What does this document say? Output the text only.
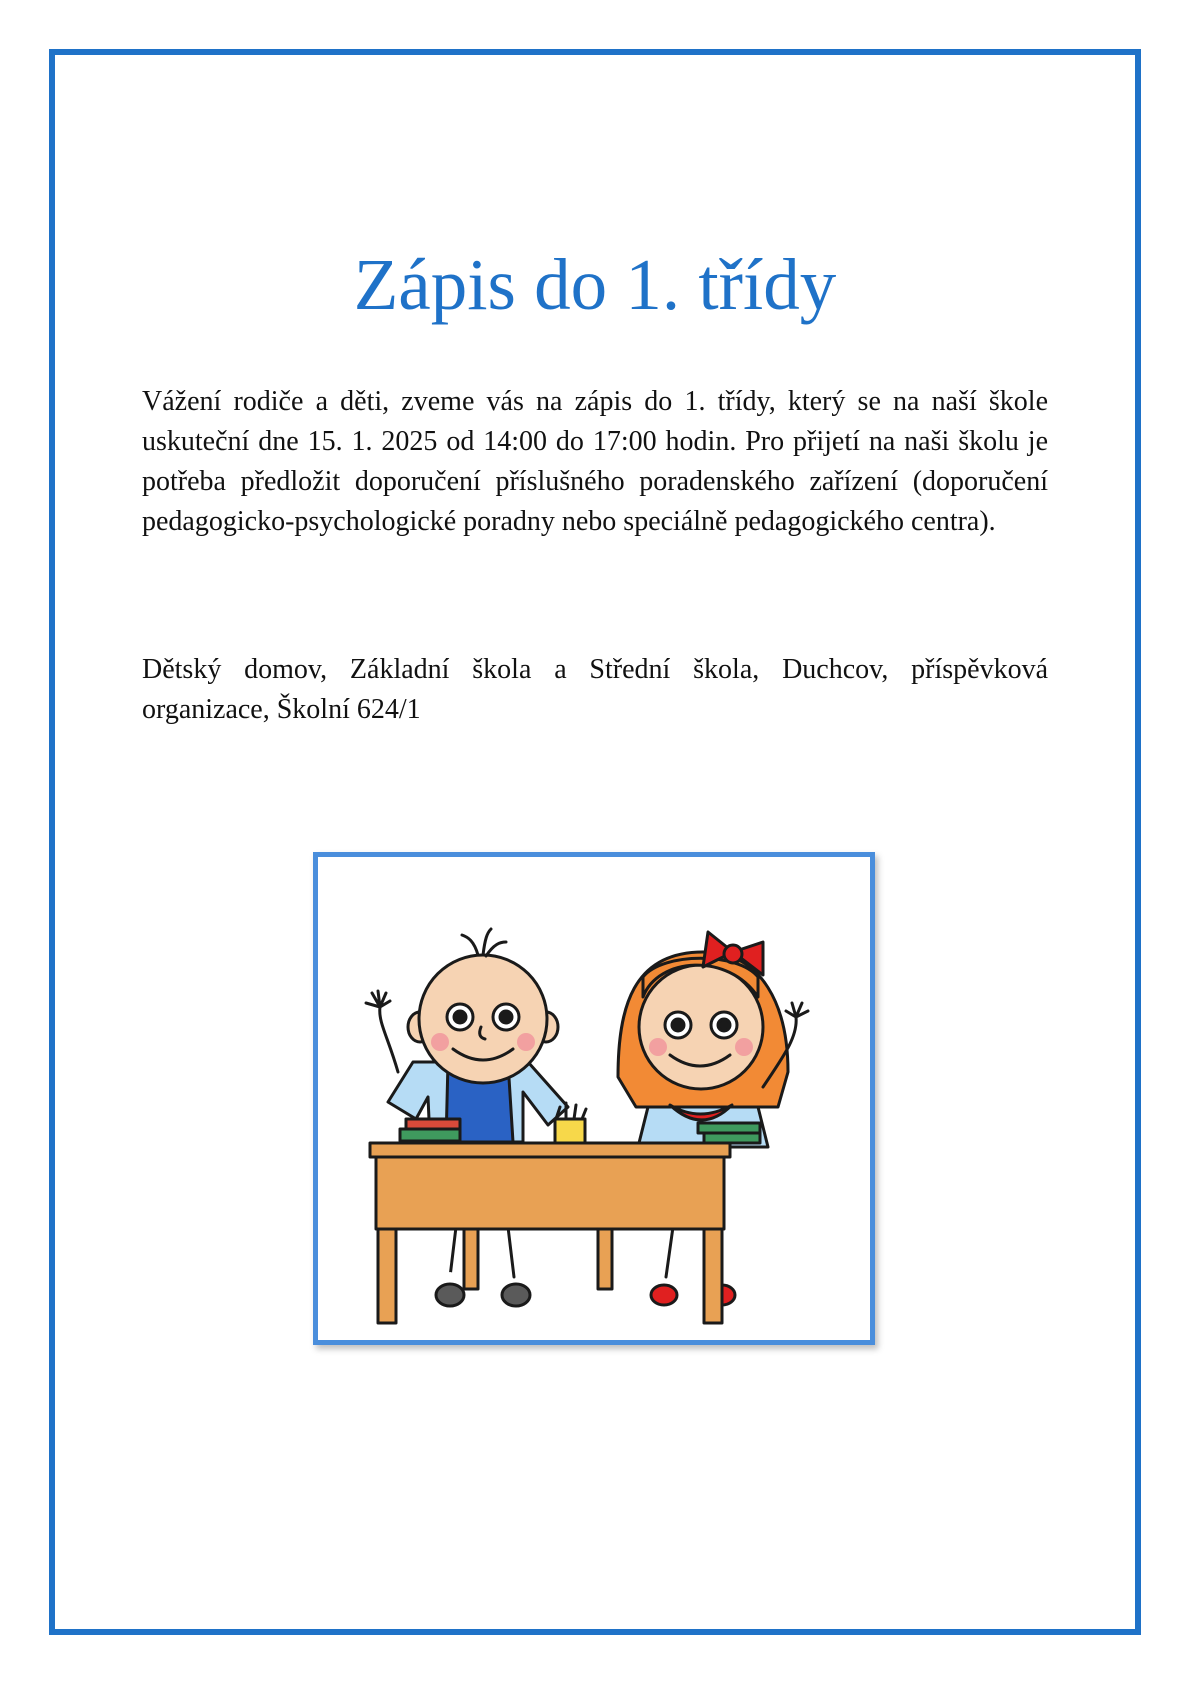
Zápis do 1. třídy

Vážení rodiče a děti, zveme vás na zápis do 1. třídy, který se na naší škole uskuteční dne 15. 1. 2025 od 14:00 do 17:00 hodin. Pro přijetí na naši školu je potřeba předložit doporučení příslušného poradenského zařízení (doporučení pedagogicko-psychologické poradny nebo speciálně pedagogického centra).

Dětský domov, Základní škola a Střední škola, Duchcov, příspěvková organizace, Školní 624/1
